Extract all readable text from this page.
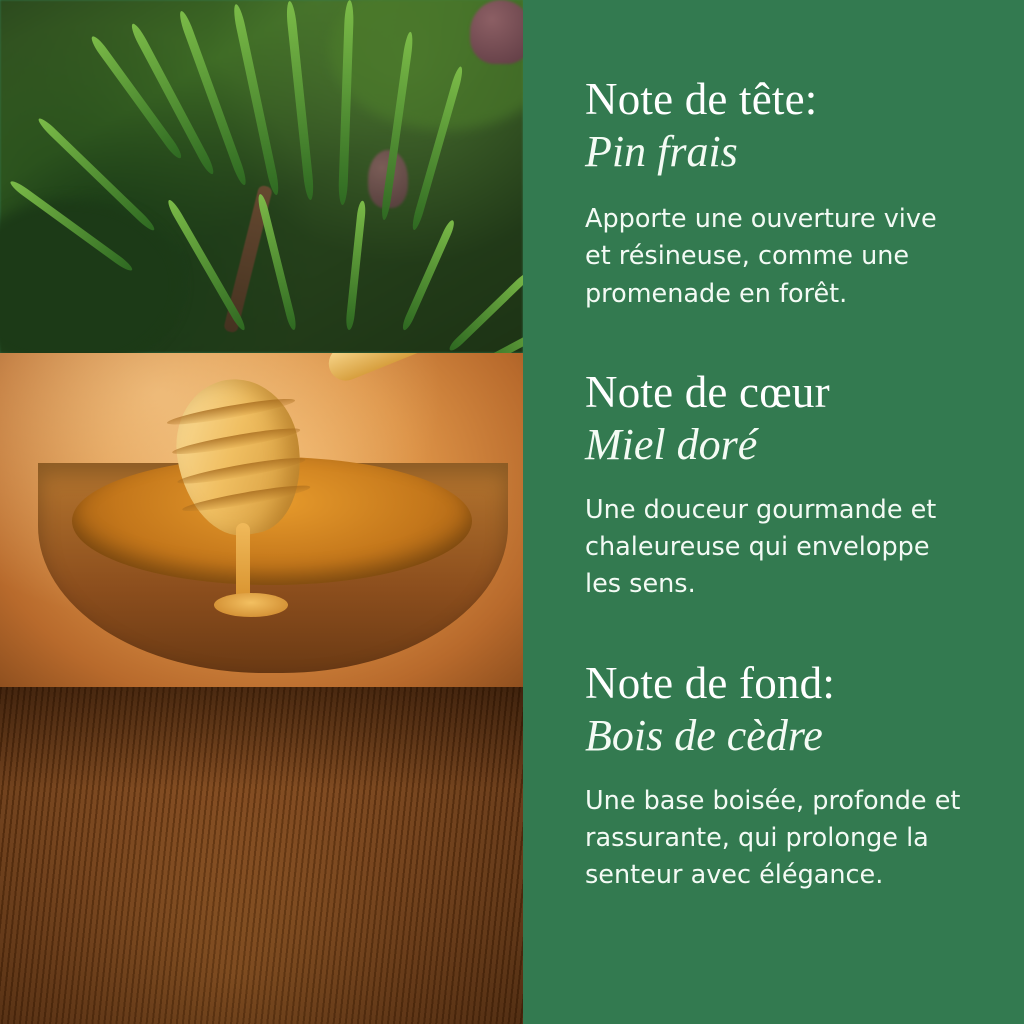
Note de tête:
Pin frais
Apporte une ouverture vive et résineuse, comme une promenade en forêt.
Note de cœur
Miel doré
Une douceur gourmande et chaleureuse qui enveloppe les sens.
Note de fond:
Bois de cèdre
Une base boisée, profonde et rassurante, qui prolonge la senteur avec élégance.
